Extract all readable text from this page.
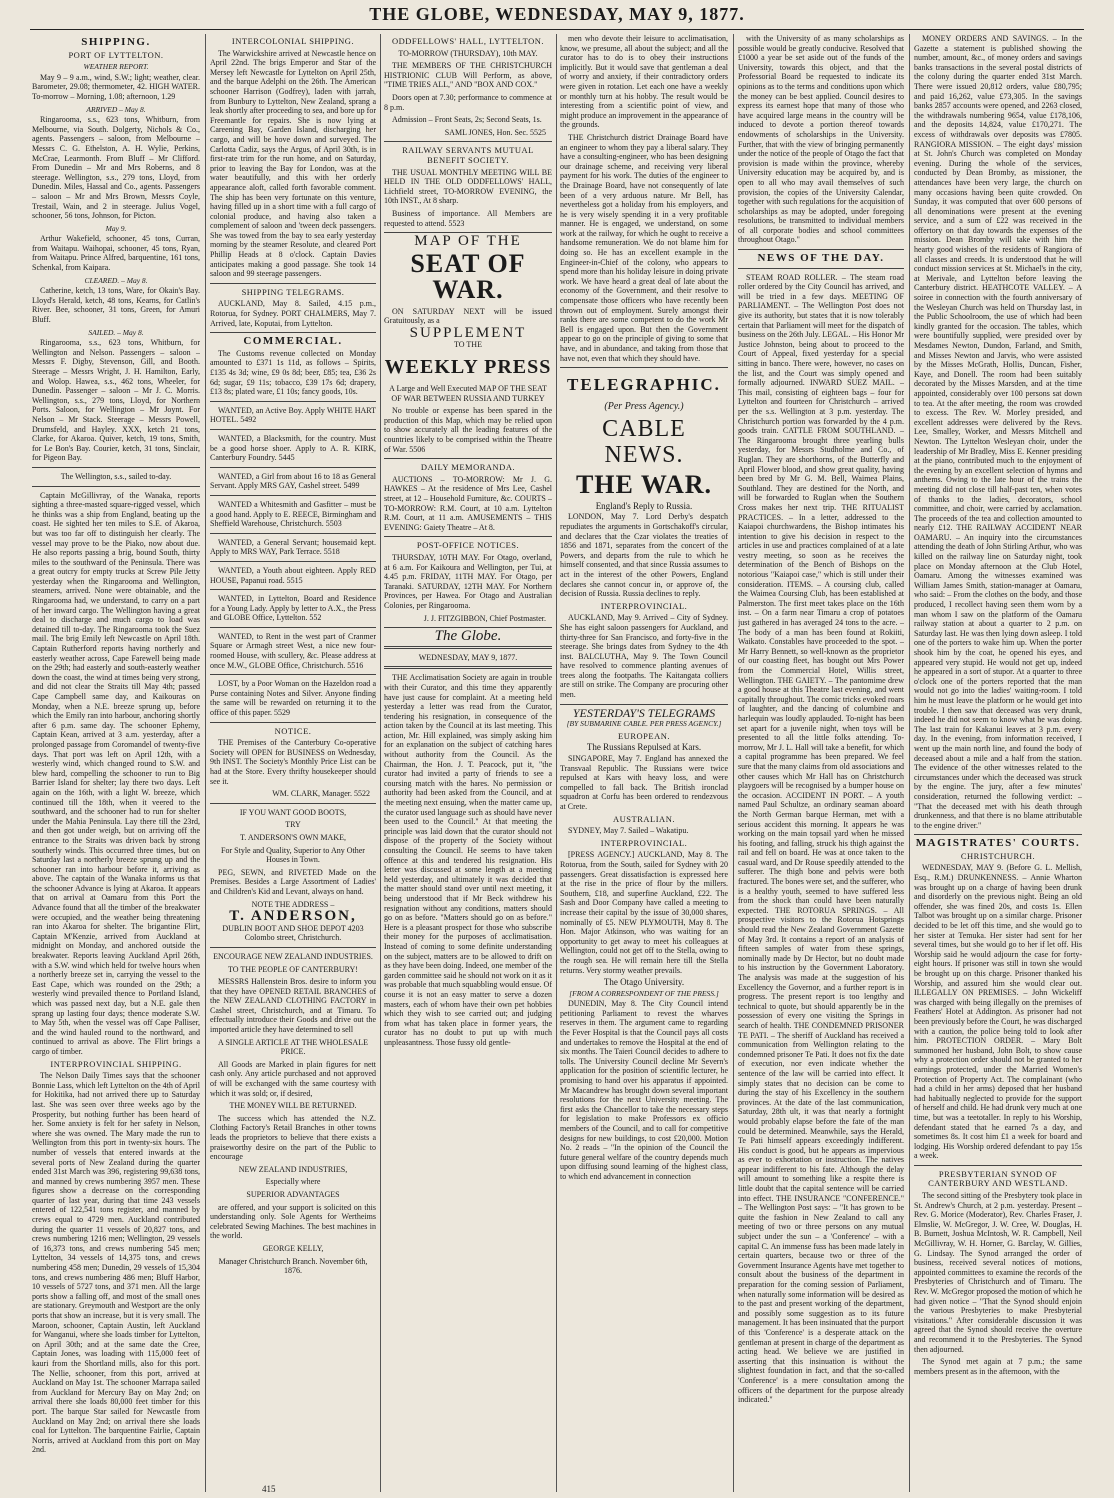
THE GLOBE, WEDNESDAY, MAY 9, 1877.
SHIPPING.
PORT OF LYTTELTON.
WEATHER REPORT.

May 9 – 9 a.m., wind, S.W.; light; weather, clear. Barometer, 29.08; thermometer, 42. HIGH WATER. To-morrow – Morning, 1.08; afternoon, 1.29

ARRIVED – May 8.

Ringarooma, s.s., 623 tons, Whitburn, from Melbourne, via South. Dolgerty, Nichols & Co., agents. Passengers – saloon, from Melbourne – Messrs C. G. Ethelston, A. H. Wylie, Perkins, McCrae, Learmonth. From Bluff – Mr Clifford. From Dunedin – Mr and Mrs Roberns, and 8 steerage. Wellington, s.s., 279 tons, Lloyd, from Dunedin. Miles, Hassal and Co., agents. Passengers – saloon – Mr and Mrs Brown, Messrs Coyle, Trestail, Wain, and 2 in steerage. Julius Vogel, schooner, 56 tons, Johnson, for Picton.

May 9.

Arthur Wakefield, schooner, 45 tons, Curran, from Waitapu. Waihopai, schooner, 45 tons, Ryan, from Waitapu. Prince Alfred, barquentine, 161 tons, Schenkal, from Kaipara.

CLEARED. – May 8.

Catherine, ketch, 13 tons, Ware, for Okain's Bay. Lloyd's Herald, ketch, 48 tons, Kearns, for Catlin's River. Bee, schooner, 31 tons, Green, for Amuri Bluff.

SAILED. – May 8.

Ringarooma, s.s., 623 tons, Whitburn, for Wellington and Nelson. Passengers – saloon – Messrs F. Digby, Stevenson, Gill, and Booth. Steerage – Messrs Wright, J. H. Hamilton, Early, and Wolop. Hawea, s.s., 462 tons, Wheeler, for Dunedin. Passenger – saloon – Mr J. C. Morris. Wellington, s.s., 279 tons, Lloyd, for Northern Ports. Saloon, for Wellington – Mr Joynt. For Nelson – Mr Stack. Steerage – Messrs Powell, Drumsfeld, and Hayley. XXX, ketch 21 tons, Clarke, for Akaroa. Quiver, ketch, 19 tons, Smith, for Le Bon's Bay. Courier, ketch, 31 tons, Sinclair, for Pigeon Bay.

The Wellington, s.s., sailed to-day.

Captain McGillivray, of the Wanaka, reports sighting a three-masted square-rigged vessel, which he thinks was a ship from England, beating up the coast. He sighted her ten miles to S.E. of Akaroa, but was too far off to distinguish her clearly. The vessel may prove to be the Piako, now about due. He also reports passing a brig, bound South, thirty miles to the southward of the Peninsula. There was a great outcry for empty trucks at Screw Pile Jetty yesterday when the Ringarooma and Wellington, steamers, arrived. None were obtainable, and the Ringarooma had, we understand, to carry on a part of her inward cargo. The Wellington having a great deal to discharge and much cargo to load was detained till to-day. The Ringarooma took the Suez mail. The brig Emily left Newcastle on April 18th. Captain Rutherford reports having northerly and easterly weather across, Cape Farewell being made on the 29th; had easterly and south-easterly weather down the coast, the wind at times being very strong, and did not clear the Straits till May 4th; passed Cape Campbell same day, and Kaikouras on Monday, when a N.E. breeze sprung up, before which the Emily ran into harbour, anchoring shortly after 6 p.m. same day. The schooner Ephemy, Captain Kean, arrived at 3 a.m. yesterday, after a prolonged passage from Coromandel of twenty-five days. That port was left on April 12th, with a westerly wind, which changed round to S.W. and blew hard, compelling the schooner to run to Big Barrier Island for shelter; lay there two days. Left again on the 16th, with a light W. breeze, which continued till the 18th, when it veered to the southward, and the schooner had to run for shelter under the Mahia Peninsula. Lay there till the 23rd, and then got under weigh, but on arriving off the entrance to the Straits was driven back by strong southerly winds. This occurred three times, but on Saturday last a northerly breeze sprung up and the schooner ran into harbour before it, arriving as above. The captain of the Wanaka informs us that the schooner Advance is lying at Akaroa. It appears that on arrival at Oamaru from this Port the Advance found that all the timber of the breakwater were occupied, and the weather being threatening ran into Akaroa for shelter. The brigantine Flirt, Captain M'Kenzie, arrived from Auckland at midnight on Monday, and anchored outside the breakwater. Reports leaving Auckland April 26th, with a S.W. wind which held for twelve hours when a northerly breeze set in, carrying the vessel to the East Cape, which was rounded on the 29th; a westerly wind prevailed thence to Portland Island, which was passed next day, but a N.E. gale then sprang up lasting four days; thence moderate S.W. to May 5th, when the vessel was off Cape Palliser, and the wind hauled round to the northward, and continued to arrival as above. The Flirt brings a cargo of timber.

INTERPROVINCIAL SHIPPING.

The Nelson Daily Times says that the schooner Bonnie Lass, which left Lyttelton on the 4th of April for Hokitika, had not arrived there up to Saturday last. She was seen over three weeks ago by the Prosperity, but nothing further has been heard of her. Some anxiety is felt for her safety in Nelson, where she was owned. The Mary made the run to Wellington from this port in twenty-six hours. The number of vessels that entered inwards at the several ports of New Zealand during the quarter ended 31st March was 396, registering 99,638 tons, and manned by crews numbering 3957 men. These figures show a decrease on the corresponding quarter of last year, during that time 243 vessels entered of 122,541 tons register, and manned by crews equal to 4729 men. Auckland contributed during the quarter 11 vessels of 20,827 tons, and crews numbering 1216 men; Wellington, 29 vessels of 16,373 tons, and crews numbering 545 men; Lyttelton, 34 vessels of 14,375 tons, and crews numbering 458 men; Dunedin, 29 vessels of 15,304 tons, and crews numbering 486 men; Bluff Harbor, 10 vessels of 5727 tons, and 371 men. All the large ports show a falling off, and most of the small ones are stationary. Greymouth and Westport are the only ports that show an increase, but it is very small. The Maroon, schooner, Captain Austin, left Auckland for Wanganui, where she loads timber for Lyttelton, on April 30th; and at the same date the Cree, Captain Jones, was loading with 115,000 feet of kauri from the Shortland mills, also for this port. The Nellie, schooner, from this port, arrived at Auckland on May 1st. The schooner Marrapa sailed from Auckland for Mercury Bay on May 2nd; on arrival there she loads 80,000 feet timber for this port. The barque Star sailed for Newcastle from Auckland on May 2nd; on arrival there she loads coal for Lyttelton. The barquentine Fairlie, Captain Norris, arrived at Auckland from this port on May 2nd.

INTERCOLONIAL SHIPPING.

The Warwickshire arrived at Newcastle hence on April 22nd. The brigs Emperor and Star of the Mersey left Newcastle for Lyttelton on April 25th, and the barque Adelphi on the 26th. The American schooner Harrison (Godfrey), laden with jarrah, from Bunbury to Lyttelton, New Zealand, sprang a leak shortly after proceeding to sea, and bore up for Freemantle for repairs. She is now lying at Careening Bay, Garden Island, discharging her cargo, and will be hove down and surveyed. The Carlotta Cadiz, says the Argus, of April 30th, is in first-rate trim for the run home, and on Saturday, prior to leaving the Bay for London, was at the water beautifully, and this with her orderly appearance aloft, called forth favorable comment. The ship has been very fortunate on this venture, having filled up in a short time with a full cargo of colonial produce, and having also taken a complement of saloon and 'tween deck passengers. She was towed from the bay to sea early yesterday morning by the steamer Resolute, and cleared Port Phillip Heads at 8 o'clock. Captain Davies anticipates making a good passage. She took 14 saloon and 99 steerage passengers.

SHIPPING TELEGRAMS.

AUCKLAND, May 8. Sailed, 4.15 p.m., Rotorua, for Sydney. PORT CHALMERS, May 7. Arrived, late, Koputai, from Lyttelton.

COMMERCIAL.

The Customs revenue collected on Monday amounted to £371 1s 11d, as follows – Spirits, £135 4s 3d; wine, £9 0s 8d; beer, £85; tea, £36 2s 6d; sugar, £9 11s; tobacco, £39 17s 6d; drapery, £13 8s; plated ware, £1 10s; fancy goods, 10s.

WANTED, an Active Boy. Apply WHITE HART HOTEL. 5492

WANTED, a Blacksmith, for the country. Must be a good horse shoer. Apply to A. R. KIRK, Canterbury Foundry. 5445

WANTED, a Girl from about 16 to 18 as General Servant. Apply MRS GAY, Cashel street. 5499

WANTED a Whitesmith and Gasfitter – must be a good hand. Apply to E. REECE, Birmingham and Sheffield Warehouse, Christchurch. 5503

WANTED, a General Servant; housemaid kept. Apply to MRS WAY, Park Terrace. 5518

WANTED, a Youth about eighteen. Apply RED HOUSE, Papanui road. 5515

WANTED, in Lyttelton, Board and Residence for a Young Lady. Apply by letter to A.X., the Press and GLOBE Office, Lyttelton. 552

WANTED, to Rent in the west part of Cranmer Square or Armagh street West, a nice new four-roomed House, with scullery, &c. Please address at once M.W., GLOBE Office, Christchurch. 5516

LOST, by a Poor Woman on the Hazeldon road a Purse containing Notes and Silver. Anyone finding the same will be rewarded on returning it to the office of this paper. 5529

NOTICE.

THE Premises of the Canterbury Co-operative Society will OPEN for BUSINESS on Wednesday, 9th INST. The Society's Monthly Price List can be had at the Store. Every thrifty housekeeper should see it.

WM. CLARK, Manager. 5522

IF YOU WANT GOOD BOOTS,

TRY

T. ANDERSON'S OWN MAKE,

For Style and Quality, Superior to Any Other Houses in Town.

PEG, SEWN, and RIVETED Made on the Premises. Besides a Large Assortment of Ladies' and Children's Kid and Levant, always on hand.

NOTE THE ADDRESS –

T. ANDERSON,

DUBLIN BOOT AND SHOE DEPOT 4203 Colombo street, Christchurch.

ENCOURAGE NEW ZEALAND INDUSTRIES.

TO THE PEOPLE OF CANTERBURY!

MESSRS Hallenstein Bros. desire to inform you that they have OPENED RETAIL BRANCHES of the NEW ZEALAND CLOTHING FACTORY in Cashel street, Christchurch, and at Timaru. To effectually introduce their Goods and drive out the imported article they have determined to sell

A SINGLE ARTICLE AT THE WHOLESALE PRICE.

All Goods are Marked in plain figures for nett cash only. Any article purchased and not approved of will be exchanged with the same courtesy with which it was sold; or, if desired,

THE MONEY WILL BE RETURNED.

The success which has attended the N.Z. Clothing Factory's Retail Branches in other towns leads the proprietors to believe that there exists a praiseworthy desire on the part of the Public to encourage

NEW ZEALAND INDUSTRIES,

Especially where

SUPERIOR ADVANTAGES

are offered, and your support is solicited on this understanding only. Sole Agents for Wertheims celebrated Sewing Machines. The best machines in the world.

GEORGE KELLY,

Manager Christchurch Branch. November 6th, 1876.

ODDFELLOWS' HALL, LYTTELTON.

TO-MORROW (THURSDAY), 10th MAY.

THE MEMBERS OF THE CHRISTCHURCH HISTRIONIC CLUB Will Perform, as above, "TIME TRIES ALL," AND "BOX AND COX."

Doors open at 7.30; performance to commence at 8 p.m.

Admission – Front Seats, 2s; Second Seats, 1s.

SAML JONES, Hon. Sec. 5525
RAILWAY SERVANTS MUTUAL BENEFIT SOCIETY.

THE USUAL MONTHLY MEETING WILL BE HELD IN THE OLD ODDFELLOWS' HALL, Lichfield street, TO-MORROW EVENING, the 10th INST., At 8 sharp.

Business of importance. All Members are requested to attend. 5523

MAP OF THE
SEAT OF WAR.

ON SATURDAY NEXT will be issued Gratuitously, as a

SUPPLEMENT

TO THE

WEEKLY PRESS

A Large and Well Executed MAP OF THE SEAT OF WAR BETWEEN RUSSIA AND TURKEY

No trouble or expense has been spared in the production of this Map, which may be relied upon to show accurately all the leading features of the countries likely to be comprised within the Theatre of War. 5506

DAILY MEMORANDA.

AUCTIONS – TO-MORROW: Mr J. G. HAWKES – At the residence of Mrs Lee, Cashel street, at 12 – Household Furniture, &c. COURTS – TO-MORROW: R.M. Court, at 10 a.m. Lyttelton R.M. Court, at 11 a.m. AMUSEMENTS – THIS EVENING: Gaiety Theatre – At 8.

POST-OFFICE NOTICES.

THURSDAY, 10TH MAY. For Otago, overland, at 6 a.m. For Kaikoura and Wellington, per Tui, at 4.45 p.m. FRIDAY, 11TH MAY. For Otago, per Taranaki. SATURDAY, 12TH MAY. For Northern Provinces, per Hawea. For Otago and Australian Colonies, per Ringarooma.

J. J. FITZGIBBON, Chief Postmaster.
The Globe.

WEDNESDAY, MAY 9, 1877.

THE Acclimatisation Society are again in trouble with their Curator, and this time they apparently have just cause for complaint. At a meeting held yesterday a letter was read from the Curator, tendering his resignation, in consequence of the action taken by the Council at its last meeting. This action, Mr. Hill explained, was simply asking him for an explanation on the subject of catching hares without authority from the Council. As the Chairman, the Hon. J. T. Peacock, put it, "the curator had invited a party of friends to see a coursing match with the hares. No permission or authority had been asked from the Council, and at the meeting next ensuing, when the matter came up, the curator used language such as should have never been used to the Council." At that meeting the principle was laid down that the curator should not dispose of the property of the Society without consulting the Council. He seems to have taken offence at this and tendered his resignation. His letter was discussed at some length at a meeting held yesterday, and ultimately it was decided that the matter should stand over until next meeting, it being understood that if Mr Beck withdrew his resignation without any conditions, matters should go on as before. "Matters should go on as before." Here is a pleasant prospect for those who subscribe their money for the purposes of acclimatisation. Instead of coming to some definite understanding on the subject, matters are to be allowed to drift on as they have been doing. Indeed, one member of the garden committee said he should not work on it as it was probable that much squabbling would ensue. Of course it is not an easy matter to serve a dozen masters, each of whom have their own pet hobbies which they wish to see carried out; and judging from what has taken place in former years, the curator has no doubt to put up with much unpleasantness. Those fussy old gentle-

men who devote their leisure to acclimatisation, know, we presume, all about the subject; and all the curator has to do is to obey their instructions implicitly. But it would save that gentleman a deal of worry and anxiety, if their contradictory orders were given in rotation. Let each one have a weekly or monthly turn at his hobby. The result would be interesting from a scientific point of view, and might produce an improvement in the appearance of the grounds.

THE Christchurch district Drainage Board have an engineer to whom they pay a liberal salary. They have a consulting-engineer, who has been designing our drainage scheme, and receiving very liberal payment for his work. The duties of the engineer to the Drainage Board, have not consequently of late been of a very arduous nature. Mr Bell, has nevertheless got a holiday from his employers, and he is very wisely spending it in a very profitable manner. He is engaged, we understand, on some work at the railway, for which he ought to receive a handsome remuneration. We do not blame him for doing so. He has an excellent example in the Engineer-in-Chief of the colony, who appears to spend more than his holiday leisure in doing private work. We have heard a great deal of late about the economy of the Government, and their resolve to compensate those officers who have recently been thrown out of employment. Surely amongst their ranks there are some competent to do the work Mr Bell is engaged upon. But then the Government appear to go on the principle of giving to some that have, and in abundance, and taking from those that have not, even that which they should have.

TELEGRAPHIC.
(Per Press Agency.)
CABLE NEWS.
THE WAR.
England's Reply to Russia.

LONDON, May 7. Lord Derby's despatch repudiates the arguments in Gortschakoff's circular, and declares that the Czar violates the treaties of 1856 and 1871, separates from the concert of the Powers, and departs from the rule to which he himself consented, and that since Russia assumes to act in the interest of the other Powers, England declares she cannot concur in, or approve of, the decision of Russia. Russia declines to reply.

INTERPROVINCIAL.

AUCKLAND, May 9. Arrived – City of Sydney. She has eight saloon passengers for Auckland, and thirty-three for San Francisco, and forty-five in the steerage. She brings dates from Sydney to the 4th inst. BALCLUTHA, May 9. The Town Council have resolved to commence planting avenues of trees along the footpaths. The Kaitangata colliers are still on strike. The Company are procuring other men.

YESTERDAY'S TELEGRAMS
[BY SUBMARINE CABLE. PER PRESS AGENCY.]
EUROPEAN.
The Russians Repulsed at Kars.

SINGAPORE, May 7. England has annexed the Transvaal Republic. The Russians were twice repulsed at Kars with heavy loss, and were compelled to fall back. The British ironclad squadron at Corfu has been ordered to rendezvous at Crete.

AUSTRALIAN.

SYDNEY, May 7. Sailed – Wakatipu.

INTERPROVINCIAL.

[PRESS AGENCY.] AUCKLAND, May 8. The Rotorua, from the South, sailed for Sydney with 20 passengers. Great dissatisfaction is expressed here at the rise in the price of flour by the millers. Southern, £18, and superfine Auckland, £22. The Sash and Door Company have called a meeting to increase their capital by the issue of 30,000 shares, nominally of £5. NEW PLYMOUTH, May 8. The Hon. Major Atkinson, who was waiting for an opportunity to get away to meet his colleagues at Wellington, could not get off to the Stella, owing to the rough sea. He will remain here till the Stella returns. Very stormy weather prevails.

The Otago University.
[FROM A CORRESPONDENT OF THE PRESS.]

DUNEDIN, May 8. The City Council intend petitioning Parliament to revest the wharves reserves in them. The argument came to regarding the Fever Hospital is that the Council pays all costs and undertakes to remove the Hospital at the end of six months. The Taieri Council decides to adhere to tolls. The University Council decline Mr Severn's application for the position of scientific lecturer, he promising to hand over his apparatus if appointed. Mr Macandrew has brought down several important resolutions for the next University meeting. The first asks the Chancellor to take the necessary steps for legislation to make Professors ex officio members of the Council, and to call for competitive designs for new buildings, to cost £20,000. Motion No. 2 reads – "In the opinion of the Council the future general welfare of the country depends much upon diffusing sound learning of the highest class, to which end advancement in connection

with the University of as many scholarships as possible would be greatly conducive. Resolved that £1000 a year be set aside out of the funds of the University, towards this object, and that the Professorial Board be requested to indicate its opinions as to the terms and conditions upon which the money can be best applied. Council desires to express its earnest hope that many of those who have acquired large means in the country will be induced to devote a portion thereof towards endowments of scholarships in the University. Further, that with the view of bringing permanently under the notice of the people of Otago the fact that provision is made within the province, whereby University education may be acquired by, and is open to all who may avail themselves of such provision, the copies of the University Calendar, together with such regulations for the acquisition of scholarships as may be adopted, under foregoing resolutions, be transmitted to individual members of all corporate bodies and school committees throughout Otago."

NEWS OF THE DAY.

STEAM ROAD ROLLER. – The steam road roller ordered by the City Council has arrived, and will be tried in a few days. MEETING OF PARLIAMENT. – The Wellington Post does not give its authority, but states that it is now tolerably certain that Parliament will meet for the dispatch of business on the 26th July. LEGAL. – His Honor Mr Justice Johnston, being about to proceed to the Court of Appeal, fixed yesterday for a special sitting in banco. There were, however, no cases on the list, and the Court was simply opened and formally adjourned. INWARD SUEZ MAIL. – This mail, consisting of eighteen bags – four for Lyttelton and fourteen for Christchurch – arrived per the s.s. Wellington at 3 p.m. yesterday. The Christchurch portion was forwarded by the 4 p.m. goods train. CATTLE FROM SOUTHLAND. – The Ringarooma brought three yearling bulls yesterday, for Messrs Studholme and Co., of Ruglan. They are shorthorns, of the Butterfly and April Flower blood, and show great quality, having been bred by Mr G. M. Bell, Waimea Plains, Southland. They are destined for the North, and will be forwarded to Ruglan when the Southern Cross makes her next trip. THE RITUALIST PRACTICES. – In a letter, addressed to the Kaiapoi churchwardens, the Bishop intimates his intention to give his decision in respect to the articles in use and practices complained of at a late vestry meeting, so soon as he receives the determination of the Bench of Bishops on the notorious "Kaiapoi case," which is still under their consideration. ITEMS. – A coursing club, called the Waimea Coursing Club, has been established at Palmerston. The first meet takes place on the 16th inst. – On a farm near Timaru a crop of potatoes just gathered in has averaged 24 tons to the acre. – The body of a man has been found at Rokiiti, Waikato. Constables have proceeded to the spot. – Mr Harry Bennett, so well-known as the proprietor of our coasting fleet, has bought out Mrs Power from the Commercial Hotel, Willis street, Wellington. THE GAIETY. – The pantomime drew a good house at this Theatre last evening, and went capitally throughout. The comic tricks evoked roars of laughter, and the dancing of columbine and harlequin was loudly applauded. To-night has been set apart for a juvenile night, when toys will be presented to all the little folks attending. To-morrow, Mr J. L. Hall will take a benefit, for which a capital programme has been prepared. We feel sure that the many claims from old associations and other causes which Mr Hall has on Christchurch playgoers will be recognised by a bumper house on the occasion. ACCIDENT IN PORT. – A youth named Paul Schultze, an ordinary seaman aboard the North German barque Herman, met with a serious accident this morning. It appears he was working on the main topsail yard when he missed his footing, and falling, struck his thigh against the rail and fell on board. He was at once taken to the casual ward, and Dr Rouse speedily attended to the sufferer. The thigh bone and pelvis were both fractured. The bones were set, and the sufferer, who is a healthy youth, seemed to have suffered less from the shock than could have been naturally expected. THE ROTORUA SPRINGS. – All prospective visitors to the Rotorua Hotsprings should read the New Zealand Government Gazette of May 3rd. It contains a report of an analysis of fifteen samples of water from these springs, nominally made by Dr Hector, but no doubt made to his instruction by the Government Laboratory. The analysis was made at the suggestion of his Excellency the Governor, and a further report is in progress. The present report is too lengthy and technical to quote, but should apparently be in the possession of every one visiting the Springs in search of health. THE CONDEMNED PRISONER TE PATI. – The sheriff of Auckland has received a communication from Wellington relating to the condemned prisoner Te Pati. It does not fix the date of execution, nor even indicate whether the sentence of the law will be carried into effect. It simply states that no decision can be come to during the stay of his Excellency in the southern provinces. At the date of the last communication, Saturday, 28th ult, it was that nearly a fortnight would probably elapse before the fate of the man could be determined. Meanwhile, says the Herald, Te Pati himself appears exceedingly indifferent. His conduct is good, but he appears as impervious as ever to exhortation or instruction. The natives appear indifferent to his fate. Although the delay will amount to something like a respite there is little doubt that the capital sentence will be carried into effect. THE INSURANCE "CONFERENCE." – The Wellington Post says: – "It has grown to be quite the fashion in New Zealand to call any meeting of two or three persons on any mutual subject under the sun – a 'Conference' – with a capital C. An immense fuss has been made lately in certain quarters, because two or three of the Government Insurance Agents have met together to consult about the business of the department in preparation for the coming session of Parliament, when naturally some information will be desired as to the past and present working of the department, and possibly some suggestion as to its future management. It has been insinuated that the purport of this 'Conference' is a desperate attack on the gentleman at present in charge of the department as acting head. We believe we are justified in asserting that this insinuation is without the slightest foundation in fact, and that the so-called 'Conference' is a mere consultation among the officers of the department for the purpose already indicated."

MONEY ORDERS AND SAVINGS. – In the Gazette a statement is published showing the number, amount, &c., of money orders and savings banks transactions in the several postal districts of the colony during the quarter ended 31st March. There were issued 20,812 orders, value £80,795; and paid 16,262, value £73,305. In the savings banks 2857 accounts were opened, and 2263 closed, the withdrawals numbering 9654, value £178,106, and the deposits 14,824, value £170,271. The excess of withdrawals over deposits was £7805. RANGIORA MISSION. – The eight days' mission at St. John's Church was completed on Monday evening. During the whole of the services, conducted by Dean Bromby, as missioner, the attendances have been very large, the church on many occasions having been quite crowded. On Sunday, it was computed that over 600 persons of all denominations were present at the evening service, and a sum of £22 was received in the offertory on that day towards the expenses of the mission. Dean Bromby will take with him the hearty good wishes of the residents of Rangiora of all classes and creeds. It is understood that he will conduct mission services at St. Michael's in the city, at Merivale, and Lyttelton before leaving the Canterbury district. HEATHCOTE VALLEY. – A soiree in connection with the fourth anniversary of the Wesleyan Church was held on Thursday last, in the Public Schoolroom, the use of which had been kindly granted for the occasion. The tables, which were bountifully supplied, were presided over by Mesdames Newton, Dundon, Farland, and Smith, and Misses Newton and Jarvis, who were assisted by the Misses McGrath, Hollis, Duncan, Fisher, Kaye, and Donell. The room had been suitably decorated by the Misses Marsden, and at the time appointed, considerably over 100 persons sat down to tea. At the after meeting, the room was crowded to excess. The Rev. W. Morley presided, and excellent addresses were delivered by the Revs. Lee, Smalley, Worker, and Messrs Mitchell and Newton. The Lyttelton Wesleyan choir, under the leadership of Mr Bradley, Miss E. Kenner presiding at the piano, contributed much to the enjoyment of the evening by an excellent selection of hymns and anthems. Owing to the late hour of the trains the meeting did not close till half-past ten, when votes of thanks to the ladies, decorators, school committee, and choir, were carried by acclamation. The proceeds of the tea and collection amounted to nearly £12. THE RAILWAY ACCIDENT NEAR OAMARU. – An inquiry into the circumstances attending the death of John Stirling Arthur, who was killed on the railway line on Saturday night, took place on Monday afternoon at the Club Hotel, Oamaru. Among the witnesses examined was William James Smith, station-manager at Oamaru, who said: – From the clothes on the body, and those produced, I recollect having seen them worn by a man whom I saw on the platform of the Oamaru railway station at about a quarter to 2 p.m. on Saturday last. He was then lying down asleep. I told one of the porters to wake him up. When the porter shook him by the coat, he opened his eyes, and appeared very stupid. He would not get up, indeed he appeared in a sort of stupor. At a quarter to three o'clock one of the porters reported that the man would not go into the ladies' waiting-room. I told him he must leave the platform or he would get into trouble. I then saw that deceased was very drunk, indeed he did not seem to know what he was doing. The last train for Kakanui leaves at 3 p.m. every day. In the evening, from information received, I went up the main north line, and found the body of deceased about a mile and a half from the station. The evidence of the other witnesses related to the circumstances under which the deceased was struck by the engine. The jury, after a few minutes' consideration, returned the following verdict: – "That the deceased met with his death through drunkenness, and that there is no blame attributable to the engine driver."

MAGISTRATES' COURTS.
CHRISTCHURCH.

WEDNESDAY, MAY 9. (Before G. L. Mellish, Esq., R.M.) DRUNKENNESS. – Annie Wharton was brought up on a charge of having been drunk and disorderly on the previous night. Being an old offender, she was fined 20s, and costs 1s. Ellen Talbot was brought up on a similar charge. Prisoner decided to be let off this time, and she would go to her sister at Temuka. Her sister had sent for her several times, but she would go to her if let off. His Worship said he would adjourn the case for forty-eight hours. If prisoner was still in town she would be brought up on this charge. Prisoner thanked his Worship, and assured him she would clear out. ILLEGALLY ON PREMISES. – John Wickeliff was charged with being illegally on the premises of Feathers' Hotel at Addington. As prisoner had not been previously before the Court, he was discharged with a caution, the police being told to look after him. PROTECTION ORDER. – Mary Bolt summoned her husband, John Bolt, to show cause why a protection order should not be granted to her earnings protected, under the Married Women's Protection of Property Act. The complainant (who had a child in her arms) deposed that her husband had habitually neglected to provide for the support of herself and child. He had drunk very much at one time, but was a teetotaller. In reply to his Worship, defendant stated that he earned 7s a day, and sometimes 8s. It cost him £1 a week for board and lodging. His Worship ordered defendant to pay 15s a week.

PRESBYTERIAN SYNOD OF CANTERBURY AND WESTLAND.

The second sitting of the Presbytery took place in St. Andrew's Church, at 2 p.m. yesterday. Present – Rev. G. Morice (Moderator), Rev. Charles Fraser, J. Elmslie, W. McGregor, J. W. Cree, W. Douglas, H. B. Burnett, Joshua McIntosh, W. R. Campbell, Neil McGillivray, W. H. Horner, G. Barclay, W. Gillies, G. Lindsay. The Synod arranged the order of business, received several notices of motions, appointed committees to examine the records of the Presbyteries of Christchurch and of Timaru. The Rev. W. McGregor proposed the motion of which he had given notice – "That the Synod should enjoin the various Presbyteries to make Presbyterial visitations." After considerable discussion it was agreed that the Synod should receive the overture and recommend it to the Presbyteries. The Synod then adjourned.

The Synod met again at 7 p.m.; the same members present as in the afternoon, with the

415
